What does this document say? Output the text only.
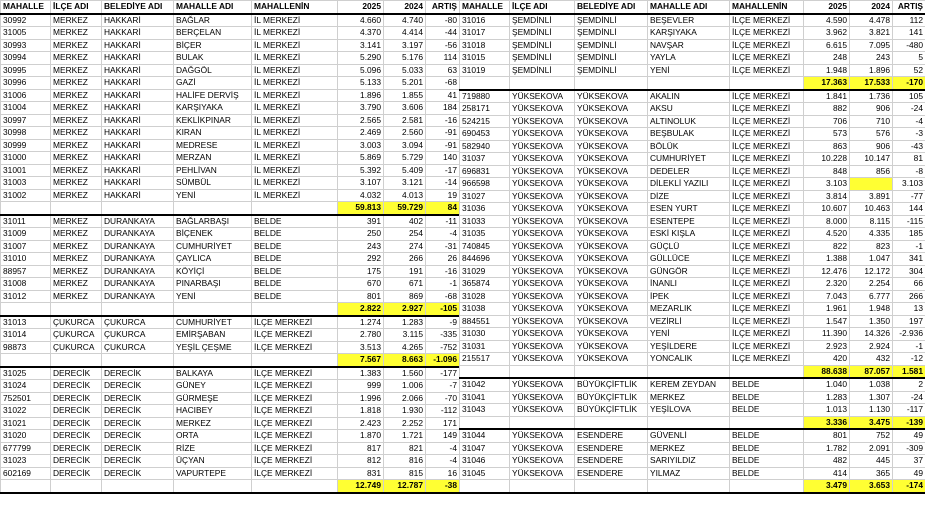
MAHALLE	İLÇE ADI	BELEDİYE ADI	MAHALLE ADI	MAHALLENİN	2025	2024	ARTIŞ
30992	MERKEZ	HAKKARİ	BAĞLAR	İL MERKEZİ	4.660	4.740	-80
31005	MERKEZ	HAKKARİ	BERÇELAN	İL MERKEZİ	4.370	4.414	-44
30993	MERKEZ	HAKKARİ	BİÇER	İL MERKEZİ	3.141	3.197	-56
30994	MERKEZ	HAKKARİ	BULAK	İL MERKEZİ	5.290	5.176	114
30995	MERKEZ	HAKKARİ	DAĞGÖL	İL MERKEZİ	5.096	5.033	63
30996	MERKEZ	HAKKARİ	GAZİ	İL MERKEZİ	5.133	5.201	-68
31006	MERKEZ	HAKKARİ	HALİFE DERVİŞ	İL MERKEZİ	1.896	1.855	41
31004	MERKEZ	HAKKARİ	KARŞIYAKA	İL MERKEZİ	3.790	3.606	184
30997	MERKEZ	HAKKARİ	KEKLİKPINAR	İL MERKEZİ	2.565	2.581	-16
30998	MERKEZ	HAKKARİ	KIRAN	İL MERKEZİ	2.469	2.560	-91
30999	MERKEZ	HAKKARİ	MEDRESE	İL MERKEZİ	3.003	3.094	-91
31000	MERKEZ	HAKKARİ	MERZAN	İL MERKEZİ	5.869	5.729	140
31001	MERKEZ	HAKKARİ	PEHLİVAN	İL MERKEZİ	5.392	5.409	-17
31003	MERKEZ	HAKKARİ	SÜMBÜL	İL MERKEZİ	3.107	3.121	-14
31002	MERKEZ	HAKKARİ	YENİ	İL MERKEZİ	4.032	4.013	19
					59.813	59.729	84
31011	MERKEZ	DURANKAYA	BAĞLARBAŞI	BELDE	391	402	-11
31009	MERKEZ	DURANKAYA	BİÇENEK	BELDE	250	254	-4
31007	MERKEZ	DURANKAYA	CUMHURİYET	BELDE	243	274	-31
31010	MERKEZ	DURANKAYA	ÇAYLICA	BELDE	292	266	26
88957	MERKEZ	DURANKAYA	KÖYİÇİ	BELDE	175	191	-16
31008	MERKEZ	DURANKAYA	PINARBAŞI	BELDE	670	671	-1
31012	MERKEZ	DURANKAYA	YENİ	BELDE	801	869	-68
					2.822	2.927	-105
31013	ÇUKURCA	ÇUKURCA	CUMHURİYET	İLÇE MERKEZİ	1.274	1.283	-9
31014	ÇUKURCA	ÇUKURCA	EMİRŞABAN	İLÇE MERKEZİ	2.780	3.115	-335
98873	ÇUKURCA	ÇUKURCA	YEŞİL ÇEŞME	İLÇE MERKEZİ	3.513	4.265	-752
					7.567	8.663	-1.096
31025	DERECİK	DERECİK	BALKAYA	İLÇE MERKEZİ	1.383	1.560	-177
31024	DERECİK	DERECİK	GÜNEY	İLÇE MERKEZİ	999	1.006	-7
752501	DERECİK	DERECİK	GÜRMEŞE	İLÇE MERKEZİ	1.996	2.066	-70
31022	DERECİK	DERECİK	HACIBEY	İLÇE MERKEZİ	1.818	1.930	-112
31021	DERECİK	DERECİK	MERKEZ	İLÇE MERKEZİ	2.423	2.252	171
31020	DERECİK	DERECİK	ORTA	İLÇE MERKEZİ	1.870	1.721	149
677799	DERECİK	DERECİK	RİZE	İLÇE MERKEZİ	817	821	-4
31023	DERECİK	DERECİK	ÜÇYAN	İLÇE MERKEZİ	812	816	-4
602169	DERECİK	DERECİK	VAPURTEPE	İLÇE MERKEZİ	831	815	16
					12.749	12.787	-38
MAHALLE	İLÇE ADI	BELEDİYE ADI	MAHALLE ADI	MAHALLENİN	2025	2024	ARTIŞ
31016	ŞEMDİNLİ	ŞEMDİNLİ	BEŞEVLER	İLÇE MERKEZİ	4.590	4.478	112
31017	ŞEMDİNLİ	ŞEMDİNLİ	KARŞIYAKA	İLÇE MERKEZİ	3.962	3.821	141
31018	ŞEMDİNLİ	ŞEMDİNLİ	NAVŞAR	İLÇE MERKEZİ	6.615	7.095	-480
31015	ŞEMDİNLİ	ŞEMDİNLİ	YAYLA	İLÇE MERKEZİ	248	243	5
31019	ŞEMDİNLİ	ŞEMDİNLİ	YENİ	İLÇE MERKEZİ	1.948	1.896	52
					17.363	17.533	-170
719880	YÜKSEKOVA	YÜKSEKOVA	AKALIN	İLÇE MERKEZİ	1.841	1.736	105
258171	YÜKSEKOVA	YÜKSEKOVA	AKSU	İLÇE MERKEZİ	882	906	-24
524215	YÜKSEKOVA	YÜKSEKOVA	ALTINOLUK	İLÇE MERKEZİ	706	710	-4
690453	YÜKSEKOVA	YÜKSEKOVA	BEŞBULAK	İLÇE MERKEZİ	573	576	-3
582940	YÜKSEKOVA	YÜKSEKOVA	BÖLÜK	İLÇE MERKEZİ	863	906	-43
31037	YÜKSEKOVA	YÜKSEKOVA	CUMHURİYET	İLÇE MERKEZİ	10.228	10.147	81
696831	YÜKSEKOVA	YÜKSEKOVA	DEDELER	İLÇE MERKEZİ	848	856	-8
966598	YÜKSEKOVA	YÜKSEKOVA	DİLEKLİ YAZILI	İLÇE MERKEZİ	3.103		3.103
31027	YÜKSEKOVA	YÜKSEKOVA	DİZE	İLÇE MERKEZİ	3.814	3.891	-77
31036	YÜKSEKOVA	YÜKSEKOVA	ESEN YURT	İLÇE MERKEZİ	10.607	10.463	144
31033	YÜKSEKOVA	YÜKSEKOVA	ESENTEPE	İLÇE MERKEZİ	8.000	8.115	-115
31035	YÜKSEKOVA	YÜKSEKOVA	ESKİ KIŞLA	İLÇE MERKEZİ	4.520	4.335	185
740845	YÜKSEKOVA	YÜKSEKOVA	GÜÇLÜ	İLÇE MERKEZİ	822	823	-1
844696	YÜKSEKOVA	YÜKSEKOVA	GÜLLÜCE	İLÇE MERKEZİ	1.388	1.047	341
31029	YÜKSEKOVA	YÜKSEKOVA	GÜNGÖR	İLÇE MERKEZİ	12.476	12.172	304
365874	YÜKSEKOVA	YÜKSEKOVA	İNANLI	İLÇE MERKEZİ	2.320	2.254	66
31028	YÜKSEKOVA	YÜKSEKOVA	İPEK	İLÇE MERKEZİ	7.043	6.777	266
31038	YÜKSEKOVA	YÜKSEKOVA	MEZARLIK	İLÇE MERKEZİ	1.961	1.948	13
884551	YÜKSEKOVA	YÜKSEKOVA	VEZİRLİ	İLÇE MERKEZİ	1.547	1.350	197
31030	YÜKSEKOVA	YÜKSEKOVA	YENİ	İLÇE MERKEZİ	11.390	14.326	-2.936
31031	YÜKSEKOVA	YÜKSEKOVA	YEŞİLDERE	İLÇE MERKEZİ	2.923	2.924	-1
215517	YÜKSEKOVA	YÜKSEKOVA	YONCALIK	İLÇE MERKEZİ	420	432	-12
					88.638	87.057	1.581
31042	YÜKSEKOVA	BÜYÜKÇİFTLİK	KEREM ZEYDAN	BELDE	1.040	1.038	2
31041	YÜKSEKOVA	BÜYÜKÇİFTLİK	MERKEZ	BELDE	1.283	1.307	-24
31043	YÜKSEKOVA	BÜYÜKÇİFTLİK	YEŞİLOVA	BELDE	1.013	1.130	-117
					3.336	3.475	-139
31044	YÜKSEKOVA	ESENDERE	GÜVENLİ	BELDE	801	752	49
31047	YÜKSEKOVA	ESENDERE	MERKEZ	BELDE	1.782	2.091	-309
31046	YÜKSEKOVA	ESENDERE	SARIYILDIZ	BELDE	482	445	37
31045	YÜKSEKOVA	ESENDERE	YILMAZ	BELDE	414	365	49
					3.479	3.653	-174
